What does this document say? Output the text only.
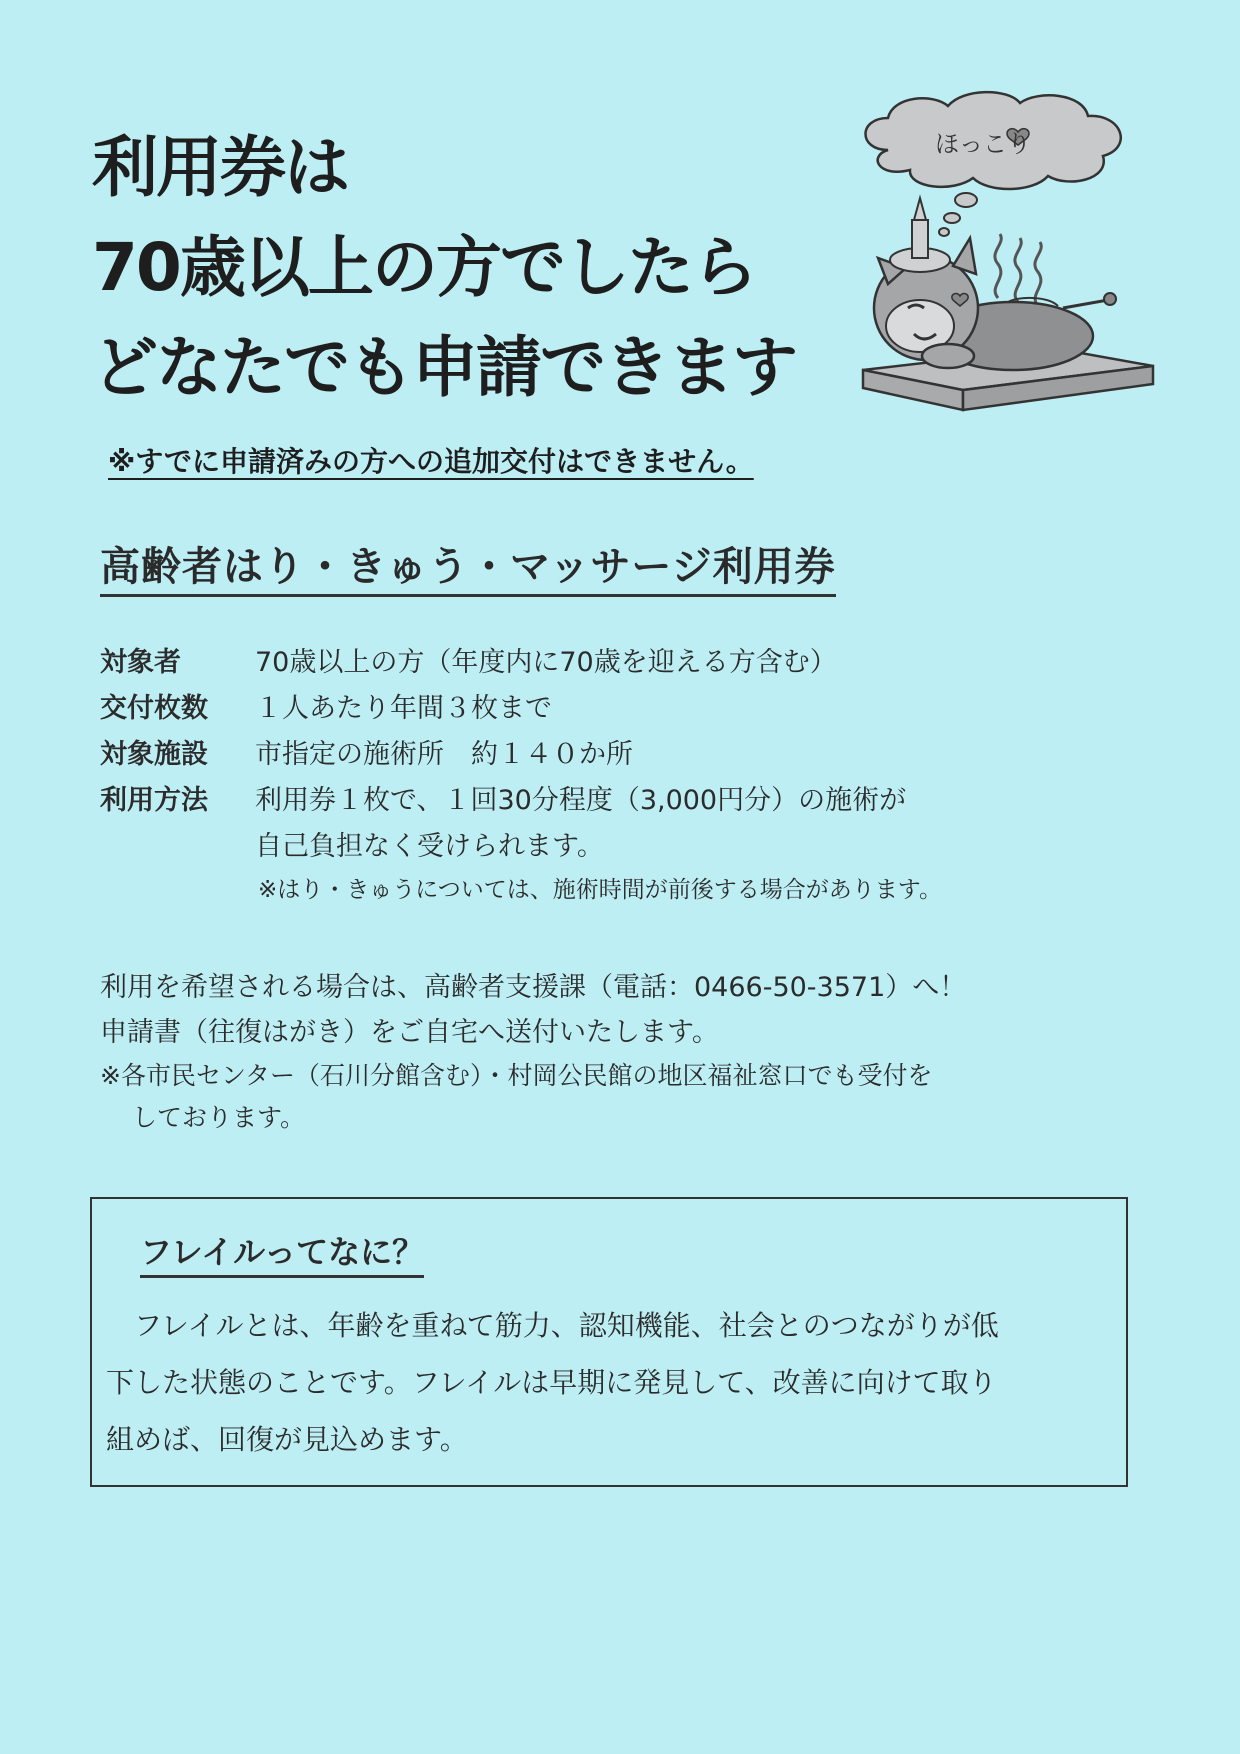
利用券は
70歳以上の方でしたら
どなたでも申請できます
ほっこり
※すでに申請済みの方への追加交付はできません。
高齢者はり・きゅう・マッサージ利用券
対象者	70歳以上の方（年度内に70歳を迎える方含む）
交付枚数	１人あたり年間３枚まで
対象施設	市指定の施術所　約１４０か所
利用方法	利用券１枚で、１回30分程度（3,000円分）の施術が
自己負担なく受けられます。
※はり・きゅうについては、施術時間が前後する場合があります。
利用を希望される場合は、高齢者支援課（電話：0466-50-3571）へ！
申請書（往復はがき）をご自宅へ送付いたします。
※各市民センター（石川分館含む）・村岡公民館の地区福祉窓口でも受付を
しております。
フレイルってなに？
　フレイルとは、年齢を重ねて筋力、認知機能、社会とのつながりが低
下した状態のことです。フレイルは早期に発見して、改善に向けて取り
組めば、回復が見込めます。
